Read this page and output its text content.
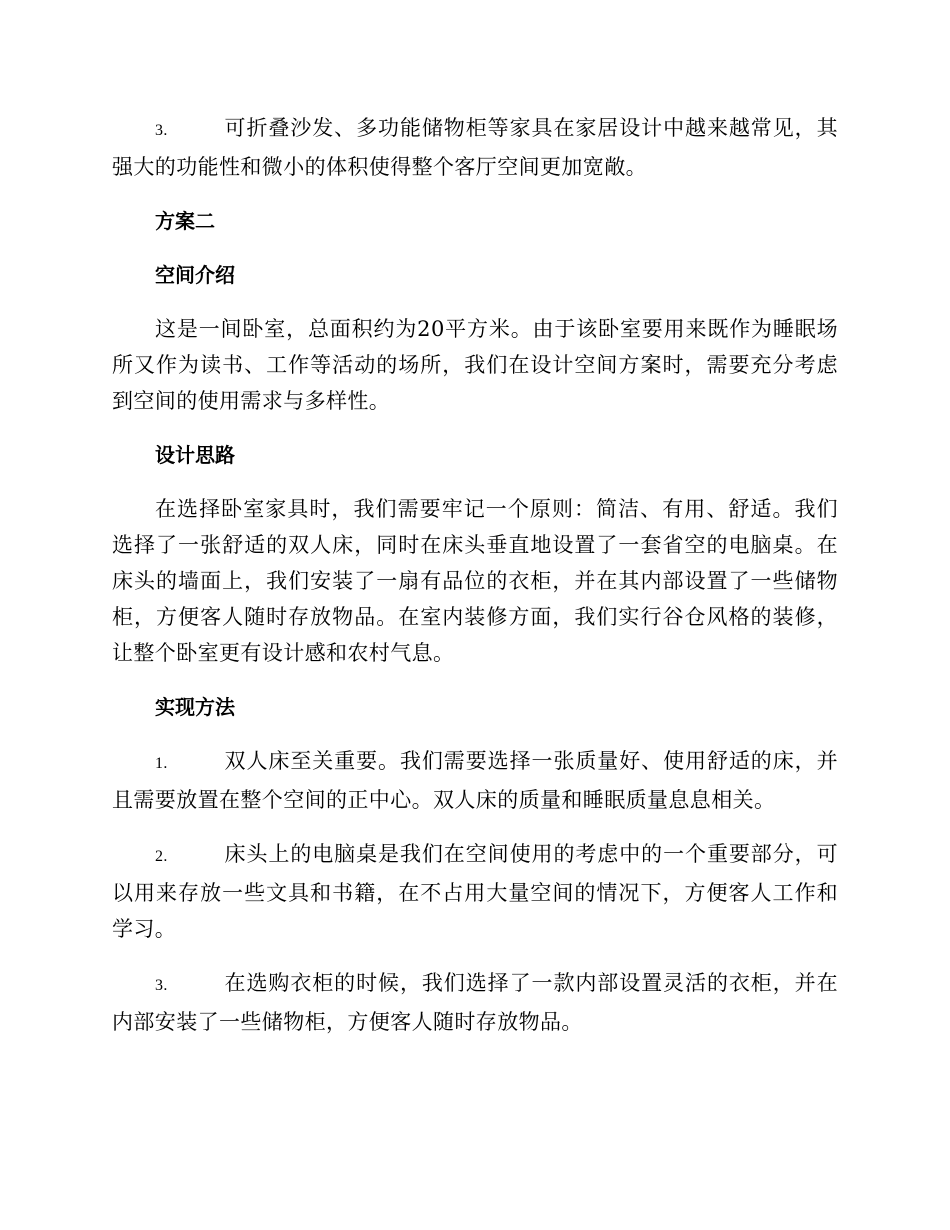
3.	可折叠沙发、多功能储物柜等家具在家居设计中越来越常见，其强大的功能性和微小的体积使得整个客厅空间更加宽敞。

方案二
空间介绍

这是一间卧室，总面积约为20平方米。由于该卧室要用来既作为睡眠场所又作为读书、工作等活动的场所，我们在设计空间方案时，需要充分考虑到空间的使用需求与多样性。

设计思路

在选择卧室家具时，我们需要牢记一个原则：简洁、有用、舒适。我们选择了一张舒适的双人床，同时在床头垂直地设置了一套省空的电脑桌。在床头的墙面上，我们安装了一扇有品位的衣柜，并在其内部设置了一些储物柜，方便客人随时存放物品。在室内装修方面，我们实行谷仓风格的装修，让整个卧室更有设计感和农村气息。

实现方法

1.	双人床至关重要。我们需要选择一张质量好、使用舒适的床，并且需要放置在整个空间的正中心。双人床的质量和睡眠质量息息相关。

2.	床头上的电脑桌是我们在空间使用的考虑中的一个重要部分，可以用来存放一些文具和书籍，在不占用大量空间的情况下，方便客人工作和学习。

3.	在选购衣柜的时候，我们选择了一款内部设置灵活的衣柜，并在内部安装了一些储物柜，方便客人随时存放物品。
